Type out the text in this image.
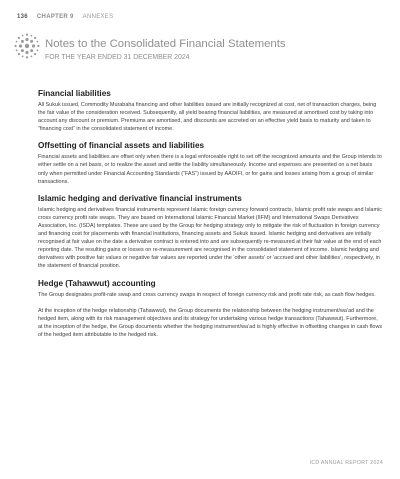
136 CHAPTER 9 ANNEXES
Notes to the Consolidated Financial Statements
FOR THE YEAR ENDED 31 DECEMBER 2024
Financial liabilities

All Sukuk issued, Commodity Murabaha financing and other liabilities issued are initially recognized at cost, net of transaction charges, being the fair value of the consideration received. Subsequently, all yield bearing financial liabilities, are measured at amortised cost by taking into account any discount or premium. Premiums are amortised, and discounts are accreted on an effective yield basis to maturity and taken to “financing cost” in the consolidated statement of income.

Offsetting of financial assets and liabilities

Financial assets and liabilities are offset only when there is a legal enforceable right to set off the recognized amounts and the Group intends to either settle on a net basis, or to realize the asset and settle the liability simultaneously. Income and expenses are presented on a net basis only when permitted under Financial Accounting Standards (“FAS”) issued by AAOIFI, or for gains and losses arising from a group of similar transactions.

Islamic hedging and derivative financial instruments

Islamic hedging and derivatives financial instruments represent Islamic foreign currency forward contracts, Islamic profit rate swaps and Islamic cross currency profit rate swaps. They are based on International Islamic Financial Market (IIFM) and International Swaps Derivatives Association, Inc. (ISDA) templates. These are used by the Group for hedging strategy only to mitigate the risk of fluctuation in foreign currency and financing cost for placements with financial institutions, financing assets and Sukuk issued. Islamic hedging and derivatives are initially recognised at fair value on the date a derivative contract is entered into and are subsequently re-measured at their fair value at the end of each reporting date. The resulting gains or losses on re-measurement are recognised in the consolidated statement of income. Islamic hedging and derivatives with positive fair values or negative fair values are reported under the ‘other assets’ or ‘accrued and other liabilities’, respectively, in the statement of financial position.

Hedge (Tahawwut) accounting

The Group designates profit-rate swap and cross currency swaps in respect of foreign currency risk and profit rate risk, as cash flow hedges.

At the inception of the hedge relationship (Tahawwut), the Group documents the relationship between the hedging instrument/wa’ad and the hedged item, along with its risk management objectives and its strategy for undertaking various hedge transactions (Tahawwut). Furthermore, at the inception of the hedge, the Group documents whether the hedging instrument/wa’ad is highly effective in offsetting changes in cash flows of the hedged item attributable to the hedged risk.

ICD ANNUAL REPORT 2024
